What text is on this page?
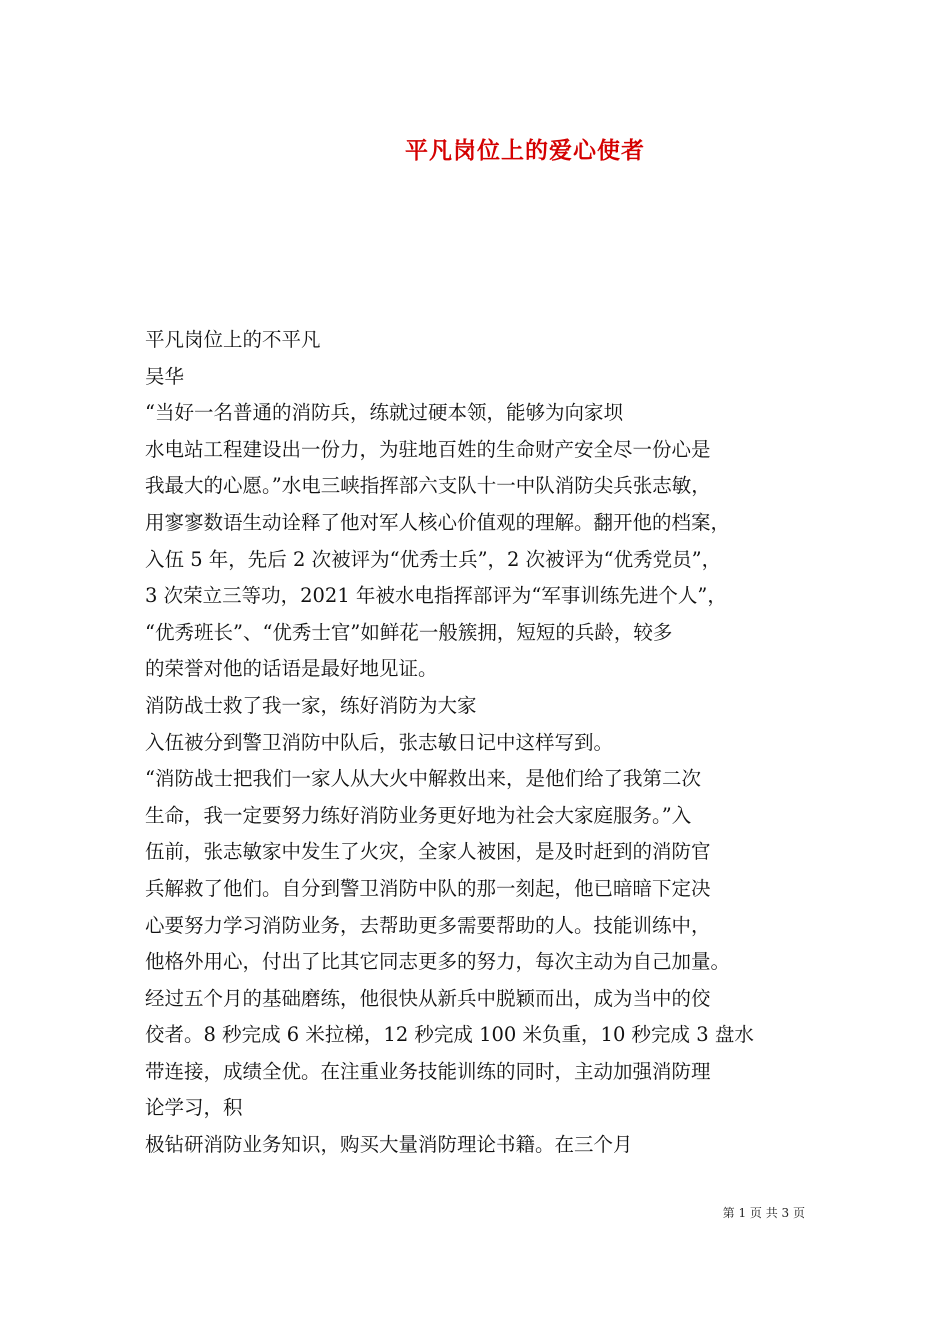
平凡岗位上的爱心使者
平凡岗位上的不平凡
吴华
“当好一名普通的消防兵，练就过硬本领，能够为向家坝
水电站工程建设出一份力，为驻地百姓的生命财产安全尽一份心是
我最大的心愿。”水电三峡指挥部六支队十一中队消防尖兵张志敏，
用寥寥数语生动诠释了他对军人核心价值观的理解。翻开他的档案，
入伍 5 年，先后 2 次被评为“优秀士兵”，2 次被评为“优秀党员”，
3 次荣立三等功，2021 年被水电指挥部评为“军事训练先进个人”，
“优秀班长”、“优秀士官”如鲜花一般簇拥，短短的兵龄，较多
的荣誉对他的话语是最好地见证。
消防战士救了我一家，练好消防为大家
入伍被分到警卫消防中队后，张志敏日记中这样写到。
“消防战士把我们一家人从大火中解救出来，是他们给了我第二次
生命，我一定要努力练好消防业务更好地为社会大家庭服务。”入
伍前，张志敏家中发生了火灾，全家人被困，是及时赶到的消防官
兵解救了他们。自分到警卫消防中队的那一刻起，他已暗暗下定决
心要努力学习消防业务，去帮助更多需要帮助的人。技能训练中，
他格外用心，付出了比其它同志更多的努力，每次主动为自己加量。
经过五个月的基础磨练，他很快从新兵中脱颖而出，成为当中的佼
佼者。8 秒完成 6 米拉梯，12 秒完成 100 米负重，10 秒完成 3 盘水
带连接，成绩全优。在注重业务技能训练的同时，主动加强消防理
论学习，积
极钻研消防业务知识，购买大量消防理论书籍。在三个月
第 1 页 共 3 页
